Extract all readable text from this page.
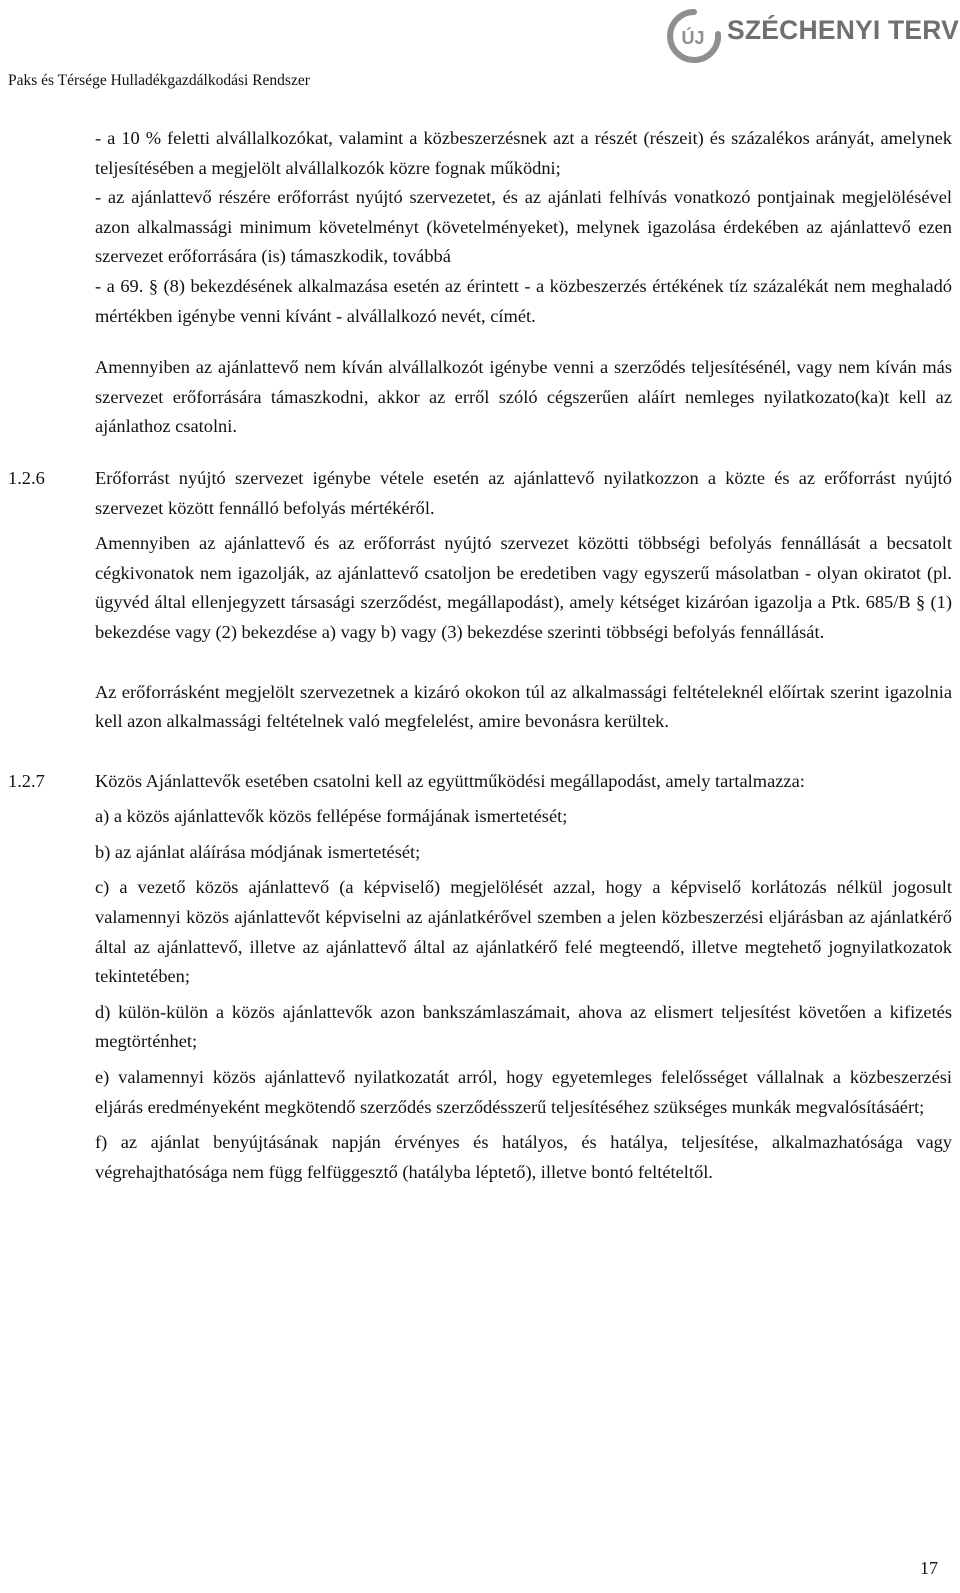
Paks és Térsége Hulladékgazdálkodási Rendszer
ÚJ SZÉCHENYI TERV

- a 10 % feletti alvállalkozókat, valamint a közbeszerzésnek azt a részét (részeit) és százalékos arányát, amelynek teljesítésében a megjelölt alvállalkozók közre fognak működni;

- az ajánlattevő részére erőforrást nyújtó szervezetet, és az ajánlati felhívás vonatkozó pontjainak megjelölésével azon alkalmassági minimum követelményt (követelményeket), melynek igazolása érdekében az ajánlattevő ezen szervezet erőforrására (is) támaszkodik, továbbá

- a 69. § (8) bekezdésének alkalmazása esetén az érintett - a közbeszerzés értékének tíz százalékát nem meghaladó mértékben igénybe venni kívánt - alvállalkozó nevét, címét.

Amennyiben az ajánlattevő nem kíván alvállalkozót igénybe venni a szerződés teljesítésénél, vagy nem kíván más szervezet erőforrására támaszkodni, akkor az erről szóló cégszerűen aláírt nemleges nyilatkozato(ka)t kell az ajánlathoz csatolni.

1.2.6	Erőforrást nyújtó szervezet igénybe vétele esetén az ajánlattevő nyilatkozzon a közte és az erőforrást nyújtó szervezet között fennálló befolyás mértékéről.

Amennyiben az ajánlattevő és az erőforrást nyújtó szervezet közötti többségi befolyás fennállását a becsatolt cégkivonatok nem igazolják, az ajánlattevő csatoljon be eredetiben vagy egyszerű másolatban - olyan okiratot (pl. ügyvéd által ellenjegyzett társasági szerződést, megállapodást), amely kétséget kizáróan igazolja a Ptk. 685/B § (1) bekezdése vagy (2) bekezdése a) vagy b) vagy (3) bekezdése szerinti többségi befolyás fennállását.

Az erőforrásként megjelölt szervezetnek a kizáró okokon túl az alkalmassági feltételeknél előírtak szerint igazolnia kell azon alkalmassági feltételnek való megfelelést, amire bevonásra kerültek.

1.2.7	Közös Ajánlattevők esetében csatolni kell az együttműködési megállapodást, amely tartalmazza:

a) a közös ajánlattevők közös fellépése formájának ismertetését;

b) az ajánlat aláírása módjának ismertetését;

c) a vezető közös ajánlattevő (a képviselő) megjelölését azzal, hogy a képviselő korlátozás nélkül jogosult valamennyi közös ajánlattevőt képviselni az ajánlatkérővel szemben a jelen közbeszerzési eljárásban az ajánlatkérő által az ajánlattevő, illetve az ajánlattevő által az ajánlatkérő felé megteendő, illetve megtehető jognyilatkozatok tekintetében;

d) külön-külön a közös ajánlattevők azon bankszámlaszámait, ahova az elismert teljesítést követően a kifizetés megtörténhet;

e) valamennyi közös ajánlattevő nyilatkozatát arról, hogy egyetemleges felelősséget vállalnak a közbeszerzési eljárás eredményeként megkötendő szerződés szerződésszerű teljesítéséhez szükséges munkák megvalósításáért;

f) az ajánlat benyújtásának napján érvényes és hatályos, és hatálya, teljesítése, alkalmazhatósága vagy végrehajthatósága nem függ felfüggesztő (hatályba léptető), illetve bontó feltételtől.

17
